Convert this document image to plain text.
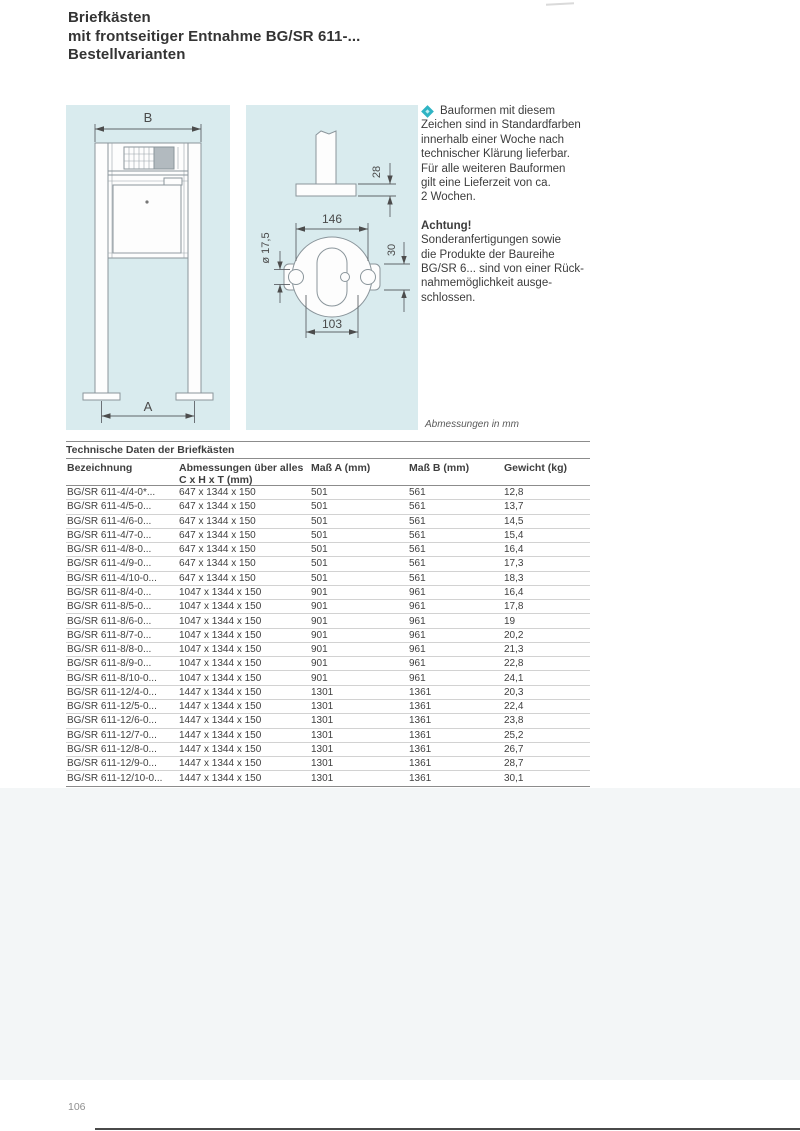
Briefkästen
mit frontseitiger Entnahme BG/SR 611-...
Bestellvarianten
B
A
28
146
103
ø 17,5	30
Bauformen mit diesem
Zeichen sind in Standardfarben
innerhalb einer Woche nach
technischer Klärung lieferbar.
Für alle weiteren Bauformen
gilt eine Lieferzeit von ca.
2 Wochen.
Achtung!
Sonderanfertigungen sowie
die Produkte der Baureihe
BG/SR 6... sind von einer Rück-
nahmemöglichkeit ausge-
schlossen.
Abmessungen in mm
Technische Daten der Briefkästen
Bezeichnung	Abmessungen über alles
C x H x T (mm)
Maß A (mm)	Maß B (mm)	Gewicht (kg)
BG/SR 611-4/4-0*...	647 x 1344 x 150	501	561	12,8
BG/SR 611-4/5-0...	647 x 1344 x 150	501	561	13,7
BG/SR 611-4/6-0...	647 x 1344 x 150	501	561	14,5
BG/SR 611-4/7-0...	647 x 1344 x 150	501	561	15,4
BG/SR 611-4/8-0...	647 x 1344 x 150	501	561	16,4
BG/SR 611-4/9-0...	647 x 1344 x 150	501	561	17,3
BG/SR 611-4/10-0...	647 x 1344 x 150	501	561	18,3
BG/SR 611-8/4-0...	1047 x 1344 x 150	901	961	16,4
BG/SR 611-8/5-0...	1047 x 1344 x 150	901	961	17,8
BG/SR 611-8/6-0...	1047 x 1344 x 150	901	961	19
BG/SR 611-8/7-0...	1047 x 1344 x 150	901	961	20,2
BG/SR 611-8/8-0...	1047 x 1344 x 150	901	961	21,3
BG/SR 611-8/9-0...	1047 x 1344 x 150	901	961	22,8
BG/SR 611-8/10-0...	1047 x 1344 x 150	901	961	24,1
BG/SR 611-12/4-0...	1447 x 1344 x 150	1301	1361	20,3
BG/SR 611-12/5-0...	1447 x 1344 x 150	1301	1361	22,4
BG/SR 611-12/6-0...	1447 x 1344 x 150	1301	1361	23,8
BG/SR 611-12/7-0...	1447 x 1344 x 150	1301	1361	25,2
BG/SR 611-12/8-0...	1447 x 1344 x 150	1301	1361	26,7
BG/SR 611-12/9-0...	1447 x 1344 x 150	1301	1361	28,7
BG/SR 611-12/10-0...	1447 x 1344 x 150	1301	1361	30,1
106
